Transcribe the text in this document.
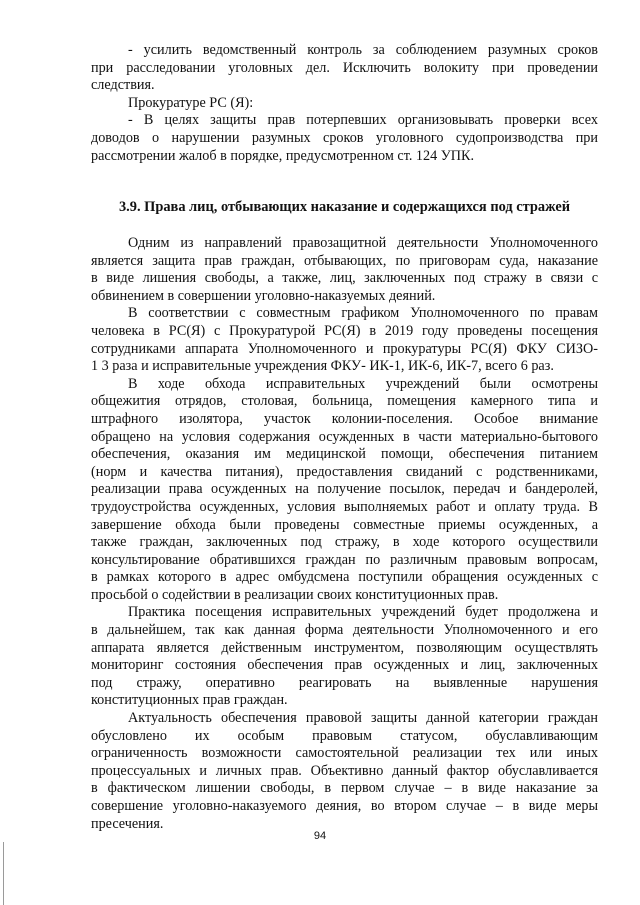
- усилить ведомственный контроль за соблюдением разумных сроков

при расследовании уголовных дел. Исключить волокиту при проведении

следствия.

Прокуратуре РС (Я):

- В целях защиты прав потерпевших организовывать проверки всех

доводов о нарушении разумных сроков уголовного судопроизводства при

рассмотрении жалоб в порядке, предусмотренном ст. 124 УПК.

3.9. Права лиц, отбывающих наказание и содержащихся под стражей

Одним из направлений правозащитной деятельности Уполномоченного

является защита прав граждан, отбывающих, по приговорам суда, наказание

в виде лишения свободы, а также, лиц, заключенных под стражу в связи с

обвинением в совершении уголовно-наказуемых деяний.

В соответствии с совместным графиком Уполномоченного по правам

человека в РС(Я) с Прокуратурой РС(Я) в 2019 году проведены посещения

сотрудниками аппарата Уполномоченного и прокуратуры РС(Я) ФКУ СИЗО-

1 3 раза и исправительные учреждения ФКУ- ИК-1, ИК-6, ИК-7, всего 6 раз.

В ходе обхода исправительных учреждений были осмотрены

общежития отрядов, столовая, больница, помещения камерного типа и

штрафного изолятора, участок колонии-поселения. Особое внимание

обращено на условия содержания осужденных в части материально-бытового

обеспечения, оказания им медицинской помощи, обеспечения питанием

(норм и качества питания), предоставления свиданий с родственниками,

реализации права осужденных на получение посылок, передач и бандеролей,

трудоустройства осужденных, условия выполняемых работ и оплату труда. В

завершение обхода были проведены совместные приемы осужденных, а

также граждан, заключенных под стражу, в ходе которого осуществили

консультирование обратившихся граждан по различным правовым вопросам,

в рамках которого в адрес омбудсмена поступили обращения осужденных с

просьбой о содействии в реализации своих конституционных прав.

Практика посещения исправительных учреждений будет продолжена и

в дальнейшем, так как данная форма деятельности Уполномоченного и его

аппарата является действенным инструментом, позволяющим осуществлять

мониторинг состояния обеспечения прав осужденных и лиц, заключенных

под стражу, оперативно реагировать на выявленные нарушения

конституционных прав граждан.

Актуальность обеспечения правовой защиты данной категории граждан

обусловлено их особым правовым статусом, обуславливающим

ограниченность возможности самостоятельной реализации тех или иных

процессуальных и личных прав. Объективно данный фактор обуславливается

в фактическом лишении свободы, в первом случае – в виде наказание за

совершение уголовно-наказуемого деяния, во втором случае – в виде меры

пресечения.

94
